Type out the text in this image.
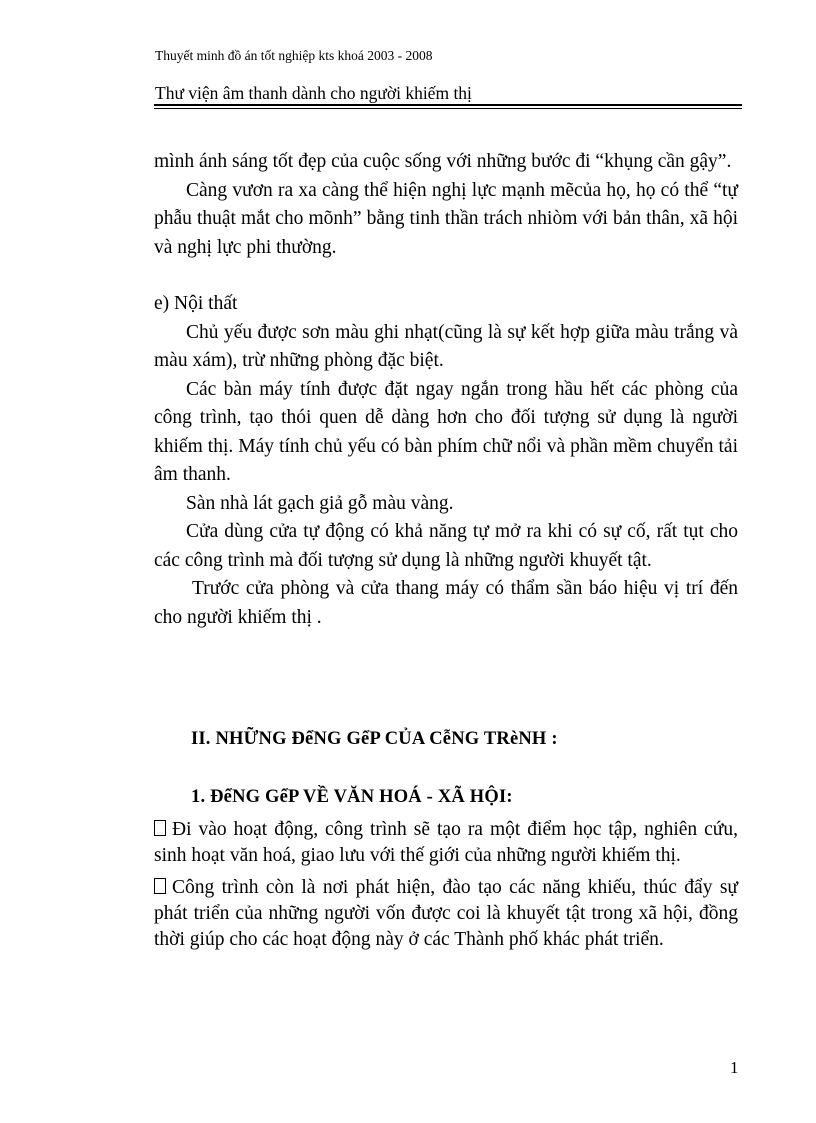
Thuyết minh đồ án tốt nghiệp kts khoá 2003 - 2008
Thư viện âm thanh dành cho người khiếm thị

mình ánh sáng tốt đẹp của cuộc sống với những bước đi “khụng cần gậy”.

Càng vươn ra xa càng thể hiện nghị lực mạnh mẽcủa họ, họ có thể “tự phẫu thuật mắt cho mõnh” bằng tinh thần trách nhiòm với bản thân, xã hội và nghị lực phi thường.

e) Nội thất

Chủ yếu được sơn màu ghi nhạt(cũng là sự kết hợp giữa màu trắng và màu xám), trừ những phòng đặc biệt.

Các bàn máy tính được đặt ngay ngắn trong hầu hết các phòng của công trình, tạo thói quen dễ dàng hơn cho đối tượng sử dụng là người khiếm thị. Máy tính chủ yếu có bàn phím chữ nổi và phần mềm chuyển tải âm thanh.

Sàn nhà lát gạch giả gỗ màu vàng.

Cửa dùng cửa tự động có khả năng tự mở ra khi có sự cố, rất tụt cho các công trình mà đối tượng sử dụng là những người khuyết tật.

Trước cửa phòng và cửa thang máy có thẩm sần báo hiệu vị trí đến cho người khiếm thị .

II. NHỮNG ĐểNG GểP CỦA CễNG TRèNH :
1. ĐểNG GểP VỀ VĂN HOÁ - XÃ HỘI:

Đi vào hoạt động, công trình sẽ tạo ra một điểm học tập, nghiên cứu, sinh hoạt văn hoá, giao lưu với thế giới của những người khiếm thị.

Công trình còn là nơi phát hiện, đào tạo các năng khiếu, thúc đẩy sự phát triển của những người vốn được coi là khuyết tật trong xã hội, đồng thời giúp cho các hoạt động này ở các Thành phố khác phát triển.

1
